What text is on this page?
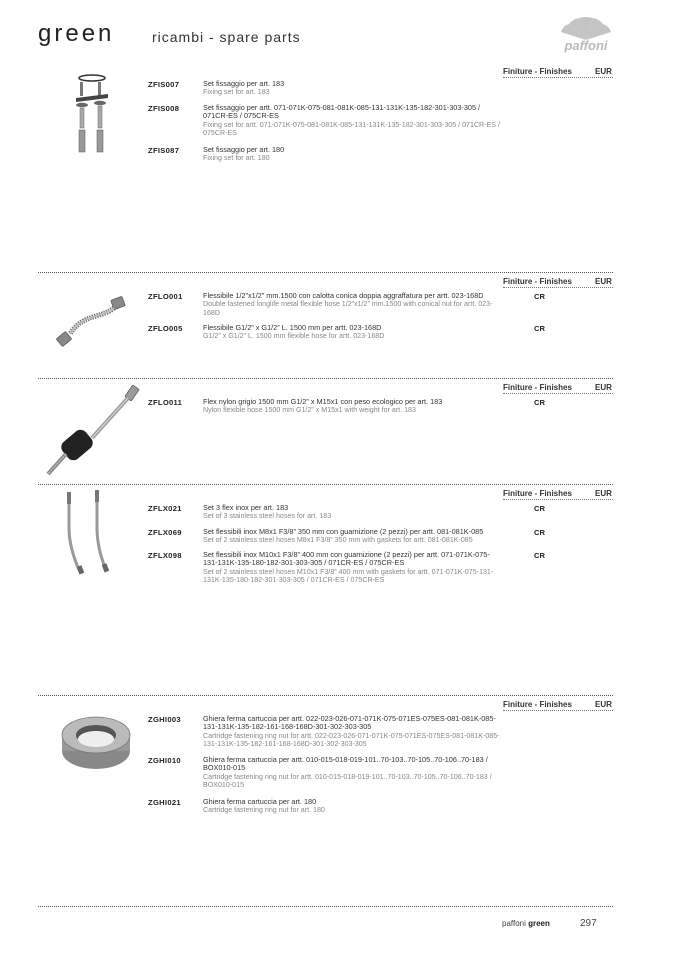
green	ricambi - spare parts
paffoni
Finiture - Finishes	EUR
ZFIS007	Set fissaggio per art. 183

Fixing set for art. 183

ZFIS008	Set fissaggio per artt. 071-071K-075-081-081K-085-131-131K-135-182-301-303-305 / 071CR-ES / 075CR-ES

Fixing set for artt. 071-071K-075-081-081K-085-131-131K-135-182-301-303-305 / 071CR-ES / 075CR-ES

ZFIS087	Set fissaggio per art. 180

Fixing set for art. 180

Finiture - Finishes	EUR
ZFLO001	Flessibile 1/2”x1/2” mm.1500 con calotta conica doppia aggraffatura per artt. 023-168D

Double fastened longlife metal flexible hose 1/2”x1/2” mm.1500 with conical nut for artt. 023-168D

CR
ZFLO005	Flessibile G1/2” x G1/2” L. 1500 mm per artt. 023-168D

G1/2” x G1/2” L. 1500 mm flexible hose for artt. 023-168D

CR
Finiture - Finishes	EUR
ZFLO011	Flex nylon grigio 1500 mm G1/2” x M15x1 con peso ecologico per art. 183

Nylon flexible hose 1500 mm G1/2” x M15x1 with weight for art. 183

CR
Finiture - Finishes	EUR
ZFLX021	Set 3 flex inox per art. 183

Set of 3 stainless steel hoses for art. 183

CR
ZFLX069	Set flessibili inox M8x1 F3/8” 350 mm con guarnizione (2 pezzi) per artt. 081-081K-085

Set of 2 stainless steel hoses M8x1 F3/8” 350 mm with gaskets for artt. 081-081K-085

CR
ZFLX098	Set flessibili inox M10x1 F3/8” 400 mm con guarnizione (2 pezzi) per artt. 071-071K-075-131-131K-135-180-182-301-303-305 / 071CR-ES / 075CR-ES

Set of 2 stainless steel hoses M10x1 F3/8” 400 mm with gaskets for artt. 071-071K-075-131-131K-135-180-182-301-303-305 / 071CR-ES / 075CR-ES

CR
Finiture - Finishes	EUR
ZGHI003	Ghiera ferma cartuccia per artt. 022-023-026-071-071K-075-071ES-075ES-081-081K-085-131-131K-135-182-161-168-168D-301-302-303-305

Cartridge fastening ring nut for artt. 022-023-026-071-071K-075-071ES-075ES-081-081K-085-131-131K-135-182-161-168-168D-301-302-303-305

ZGHI010	Ghiera ferma cartuccia per artt. 010-015-018-019-101..70-103..70-105..70-106..70-183 / BOX010-015

Cartridge fastening ring nut for artt. 010-015-018-019-101..70-103..70-105..70-106..70-183 / BOX010-015

ZGHI021	Ghiera ferma cartuccia per art. 180

Cartridge fastening ring nut for art. 180

paffoni green	297
